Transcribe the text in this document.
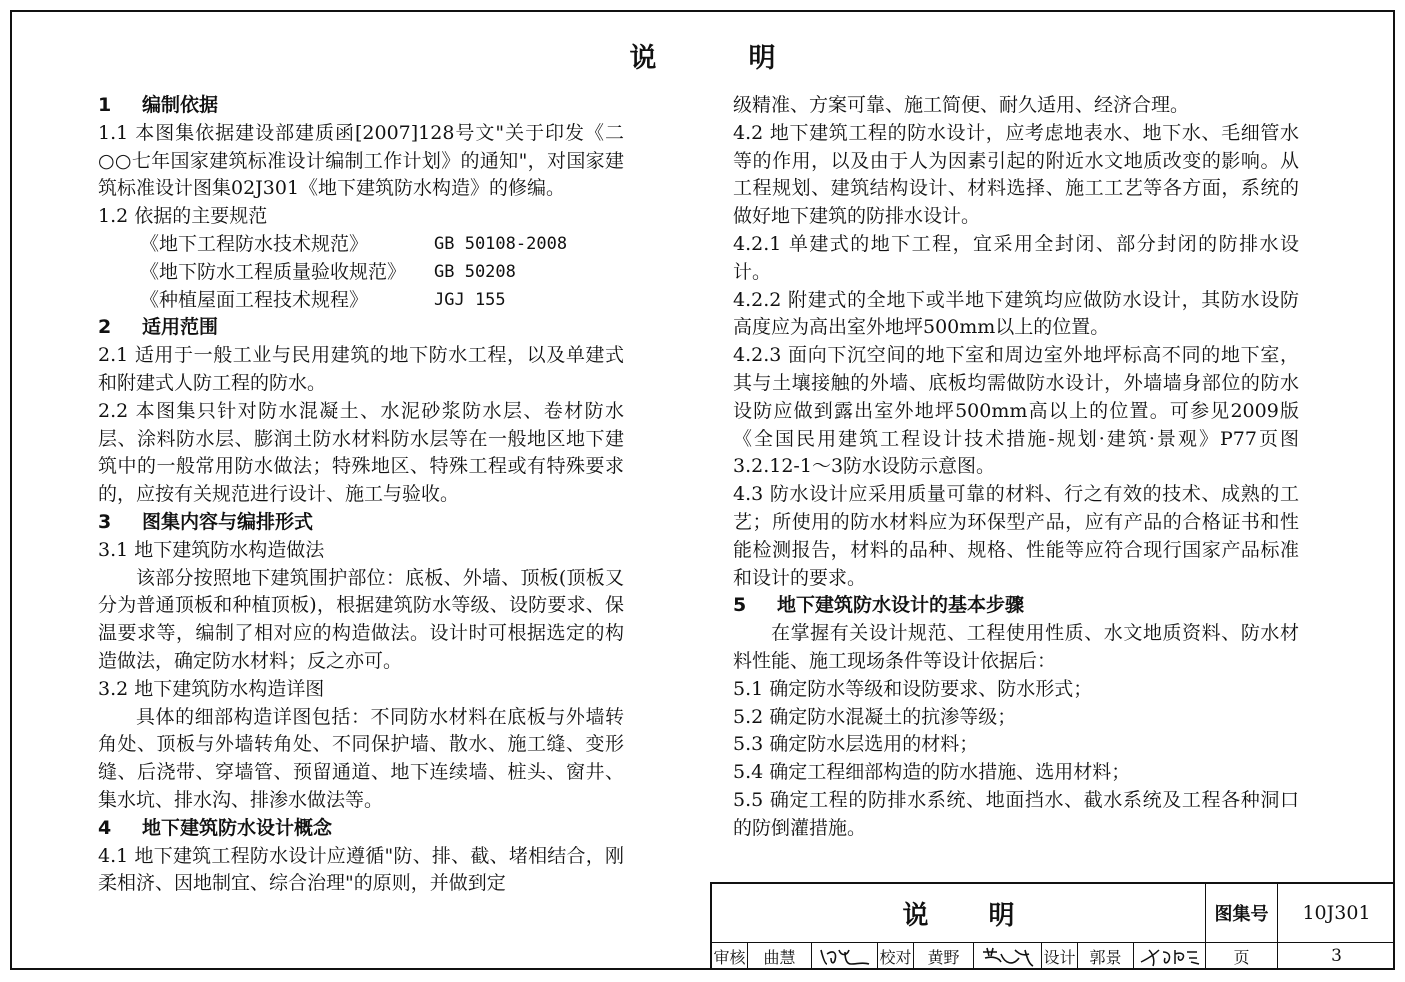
说明

1 编制依据

1.1 本图集依据建设部建质函[2007]128号文"关于印发《二○○七年国家建筑标准设计编制工作计划》的通知"，对国家建筑标准设计图集02J301《地下建筑防水构造》的修编。

1.2 依据的主要规范

《地下工程防水技术规范》	GB 50108-2008

《地下防水工程质量验收规范》	GB 50208

《种植屋面工程技术规程》	JGJ 155

2 适用范围

2.1 适用于一般工业与民用建筑的地下防水工程，以及单建式和附建式人防工程的防水。

2.2 本图集只针对防水混凝土、水泥砂浆防水层、卷材防水层、涂料防水层、膨润土防水材料防水层等在一般地区地下建筑中的一般常用防水做法；特殊地区、特殊工程或有特殊要求的，应按有关规范进行设计、施工与验收。

3 图集内容与编排形式

3.1 地下建筑防水构造做法

该部分按照地下建筑围护部位：底板、外墙、顶板(顶板又分为普通顶板和种植顶板)，根据建筑防水等级、设防要求、保温要求等，编制了相对应的构造做法。设计时可根据选定的构造做法，确定防水材料；反之亦可。

3.2 地下建筑防水构造详图

具体的细部构造详图包括：不同防水材料在底板与外墙转角处、顶板与外墙转角处、不同保护墙、散水、施工缝、变形缝、后浇带、穿墙管、预留通道、地下连续墙、桩头、窗井、集水坑、排水沟、排渗水做法等。

4 地下建筑防水设计概念

4.1 地下建筑工程防水设计应遵循"防、排、截、堵相结合，刚柔相济、因地制宜、综合治理"的原则，并做到定

级精准、方案可靠、施工简便、耐久适用、经济合理。

4.2 地下建筑工程的防水设计，应考虑地表水、地下水、毛细管水等的作用，以及由于人为因素引起的附近水文地质改变的影响。从工程规划、建筑结构设计、材料选择、施工工艺等各方面，系统的做好地下建筑的防排水设计。

4.2.1 单建式的地下工程，宜采用全封闭、部分封闭的防排水设计。

4.2.2 附建式的全地下或半地下建筑均应做防水设计，其防水设防高度应为高出室外地坪500mm以上的位置。

4.2.3 面向下沉空间的地下室和周边室外地坪标高不同的地下室，其与土壤接触的外墙、底板均需做防水设计，外墙墙身部位的防水设防应做到露出室外地坪500mm高以上的位置。可参见2009版《全国民用建筑工程设计技术措施-规划·建筑·景观》P77页图3.2.12-1～3防水设防示意图。

4.3 防水设计应采用质量可靠的材料、行之有效的技术、成熟的工艺；所使用的防水材料应为环保型产品，应有产品的合格证书和性能检测报告，材料的品种、规格、性能等应符合现行国家产品标准和设计的要求。

5 地下建筑防水设计的基本步骤

在掌握有关设计规范、工程使用性质、水文地质资料、防水材料性能、施工现场条件等设计依据后：

5.1 确定防水等级和设防要求、防水形式；

5.2 确定防水混凝土的抗渗等级；

5.3 确定防水层选用的材料；

5.4 确定工程细部构造的防水措施、选用材料；

5.5 确定工程的防排水系统、地面挡水、截水系统及工程各种洞口的防倒灌措施。

说明	图集号 10J301
审核 曲慧	校对 黄野	设计 郭景	页	3
